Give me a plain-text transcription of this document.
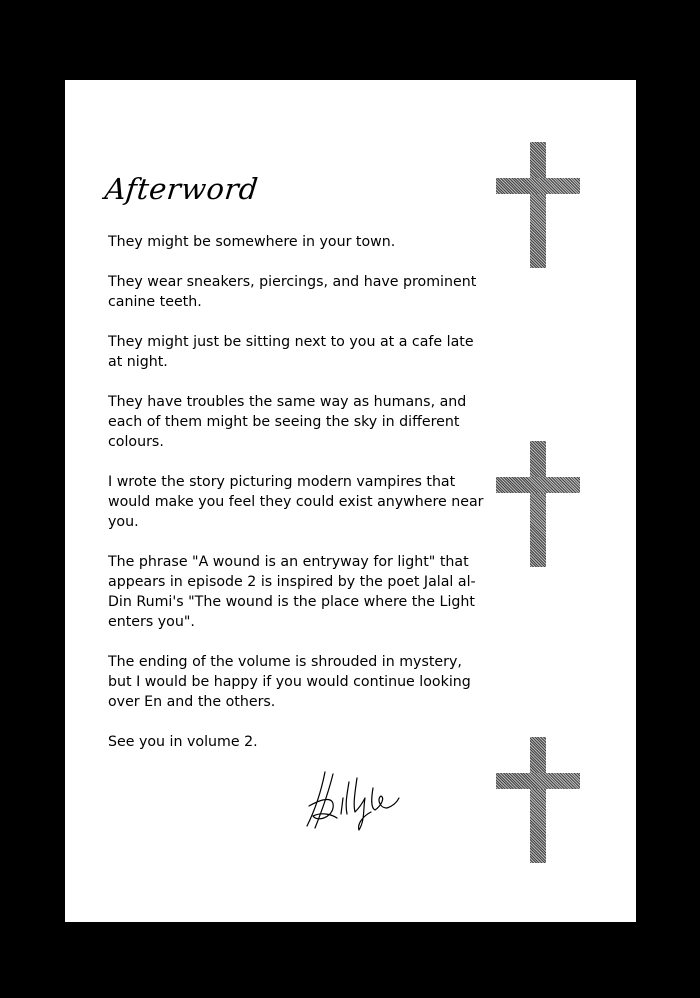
Afterword

They might be somewhere in your town.

They wear sneakers, piercings, and have prominent canine teeth.

They might just be sitting next to you at a cafe late at night.

They have troubles the same way as humans, and each of them might be seeing the sky in different colours.

I wrote the story picturing modern vampires that would make you feel they could exist anywhere near you.

The phrase "A wound is an entryway for light" that appears in episode 2 is inspired by the poet Jalal al-Din Rumi's "The wound is the place where the Light enters you".

The ending of the volume is shrouded in mystery, but I would be happy if you would continue looking over En and the others.

See you in volume 2.
